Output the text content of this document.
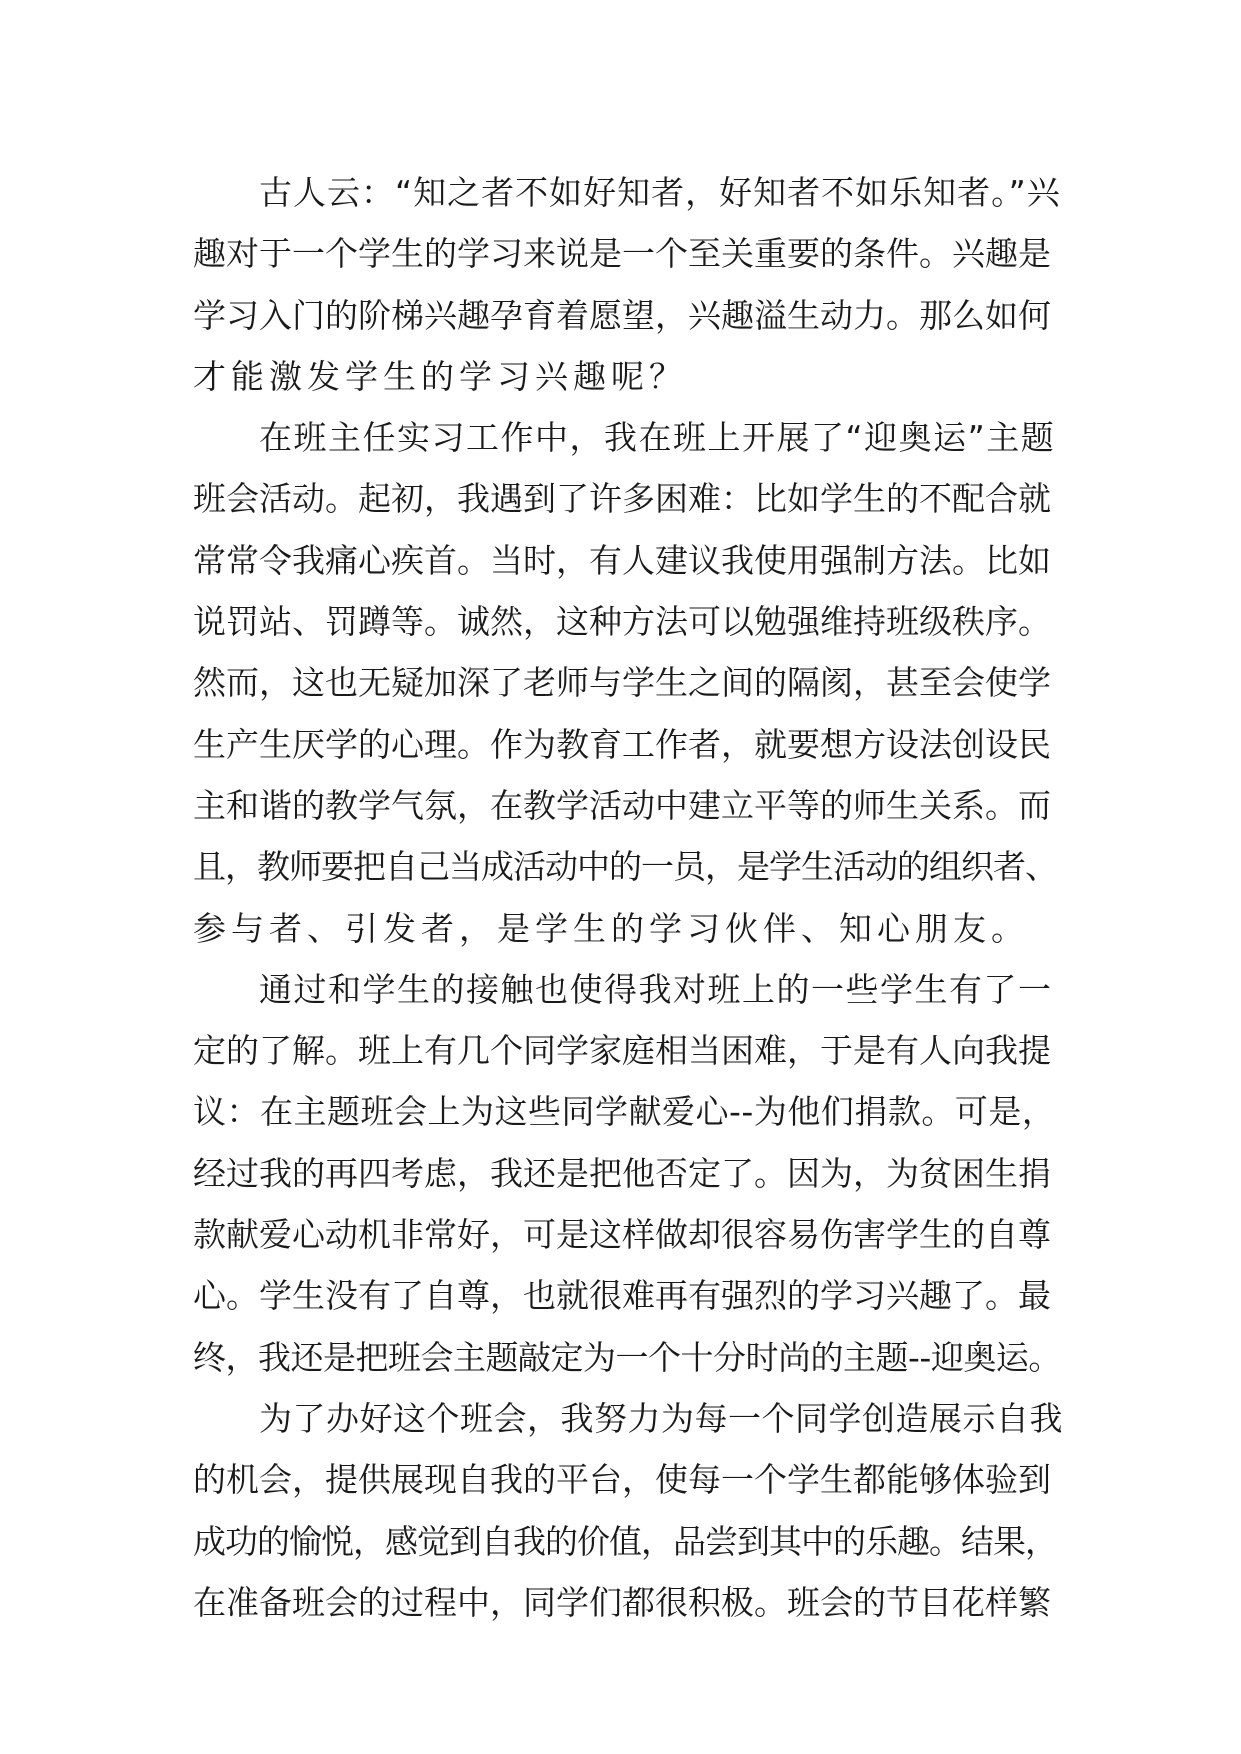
古人云：“知之者不如好知者，好知者不如乐知者。”兴
趣对于一个学生的学习来说是一个至关重要的条件。兴趣是
学习入门的阶梯兴趣孕育着愿望，兴趣溢生动力。那么如何
才能激发学生的学习兴趣呢？
在班主任实习工作中，我在班上开展了“迎奥运”主题
班会活动。起初，我遇到了许多困难：比如学生的不配合就
常常令我痛心疾首。当时，有人建议我使用强制方法。比如
说罚站、罚蹲等。诚然，这种方法可以勉强维持班级秩序。
然而，这也无疑加深了老师与学生之间的隔阂，甚至会使学
生产生厌学的心理。作为教育工作者，就要想方设法创设民
主和谐的教学气氛，在教学活动中建立平等的师生关系。而
且，教师要把自己当成活动中的一员，是学生活动的组织者、
参与者、引发者，是学生的学习伙伴、知心朋友。
通过和学生的接触也使得我对班上的一些学生有了一
定的了解。班上有几个同学家庭相当困难，于是有人向我提
议：在主题班会上为这些同学献爱心--为他们捐款。可是，
经过我的再四考虑，我还是把他否定了。因为，为贫困生捐
款献爱心动机非常好，可是这样做却很容易伤害学生的自尊
心。学生没有了自尊，也就很难再有强烈的学习兴趣了。最
终，我还是把班会主题敲定为一个十分时尚的主题--迎奥运。
为了办好这个班会，我努力为每一个同学创造展示自我
的机会，提供展现自我的平台，使每一个学生都能够体验到
成功的愉悦，感觉到自我的价值，品尝到其中的乐趣。结果，
在准备班会的过程中，同学们都很积极。班会的节目花样繁
